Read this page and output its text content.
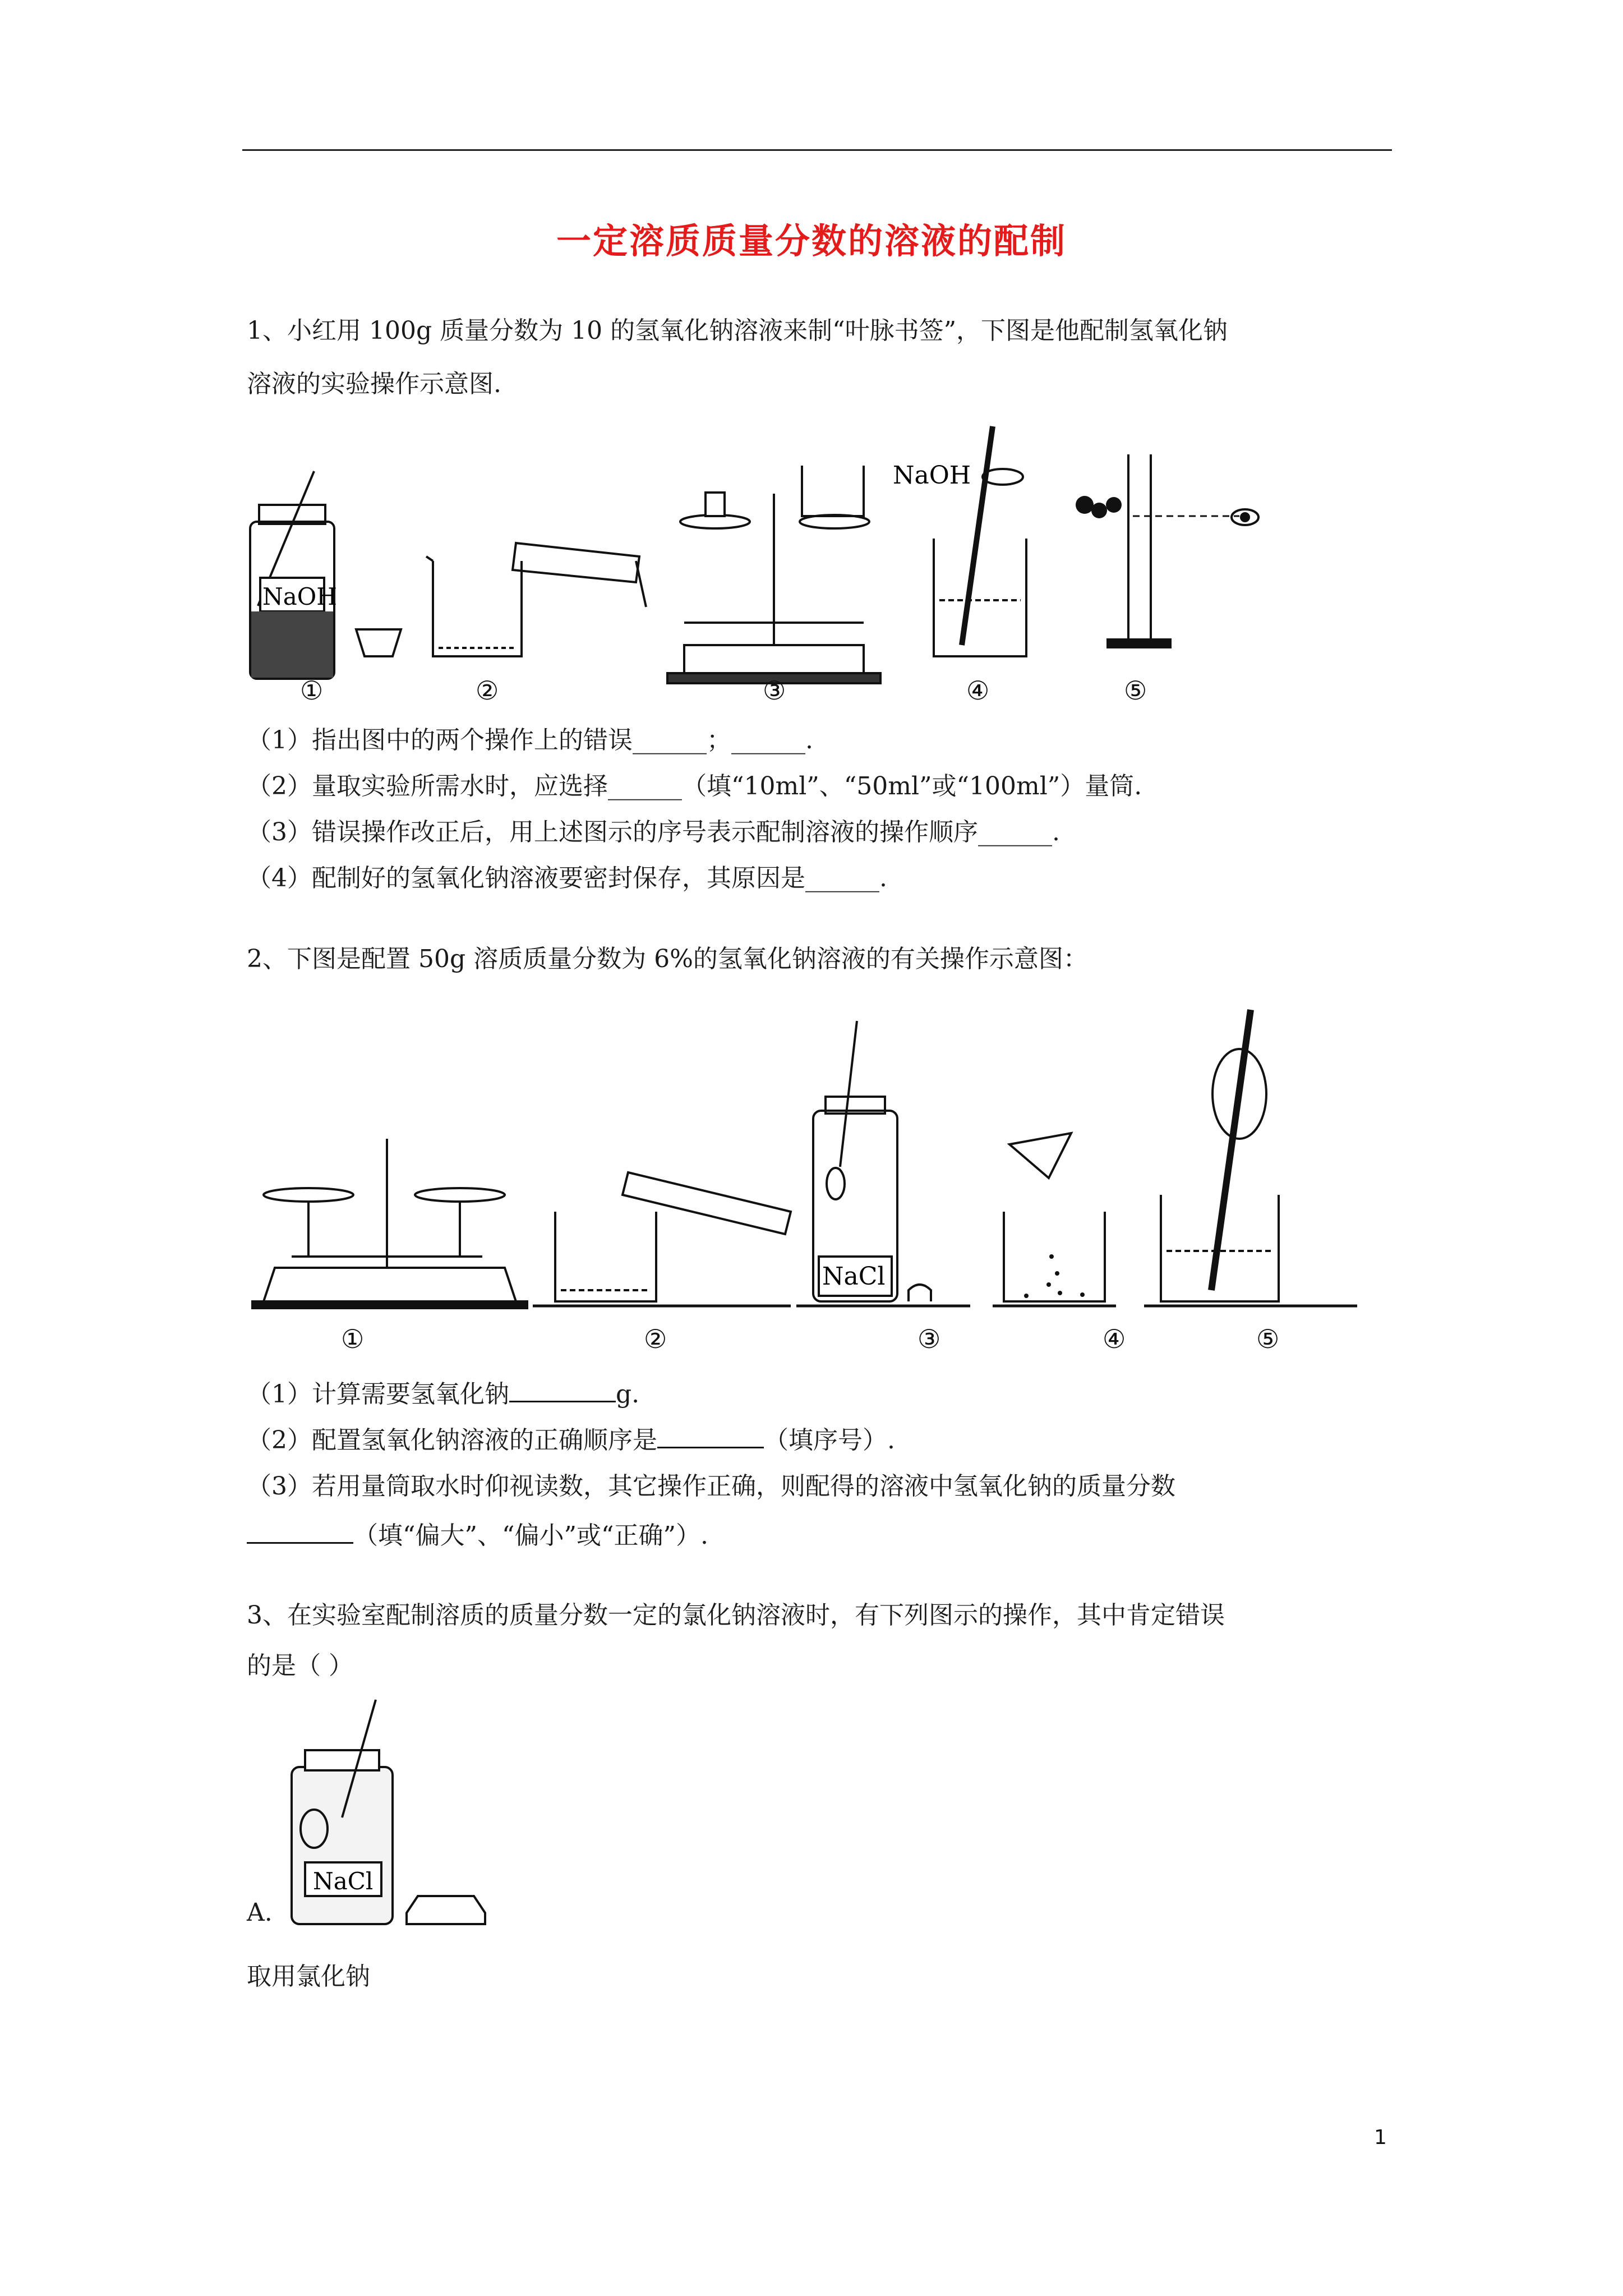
一定溶质质量分数的溶液的配制
1、小红用 100g 质量分数为 10 的氢氧化钠溶液来制“叶脉书签”，下图是他配制氢氧化钠
溶液的实验操作示意图.
NaOH
NaOH
①	②	③	④	⑤
（1）指出图中的两个操作上的错误______；______.
（2）量取实验所需水时，应选择______（填“10ml”、“50ml”或“100ml”）量筒.
（3）错误操作改正后，用上述图示的序号表示配制溶液的操作顺序______.
（4）配制好的氢氧化钠溶液要密封保存，其原因是______.
2、下图是配置 50g 溶质质量分数为 6%的氢氧化钠溶液的有关操作示意图：
NaCl
①	②	③	④	⑤
（1）计算需要氢氧化钠	g.
（2）配置氢氧化钠溶液的正确顺序是	（填序号）.
（3）若用量筒取水时仰视读数，其它操作正确，则配得的溶液中氢氧化钠的质量分数
（填“偏大”、“偏小”或“正确”）.
3、在实验室配制溶质的质量分数一定的氯化钠溶液时，有下列图示的操作，其中肯定错误
的是（ ）
NaCl
A.
取用氯化钠
1
